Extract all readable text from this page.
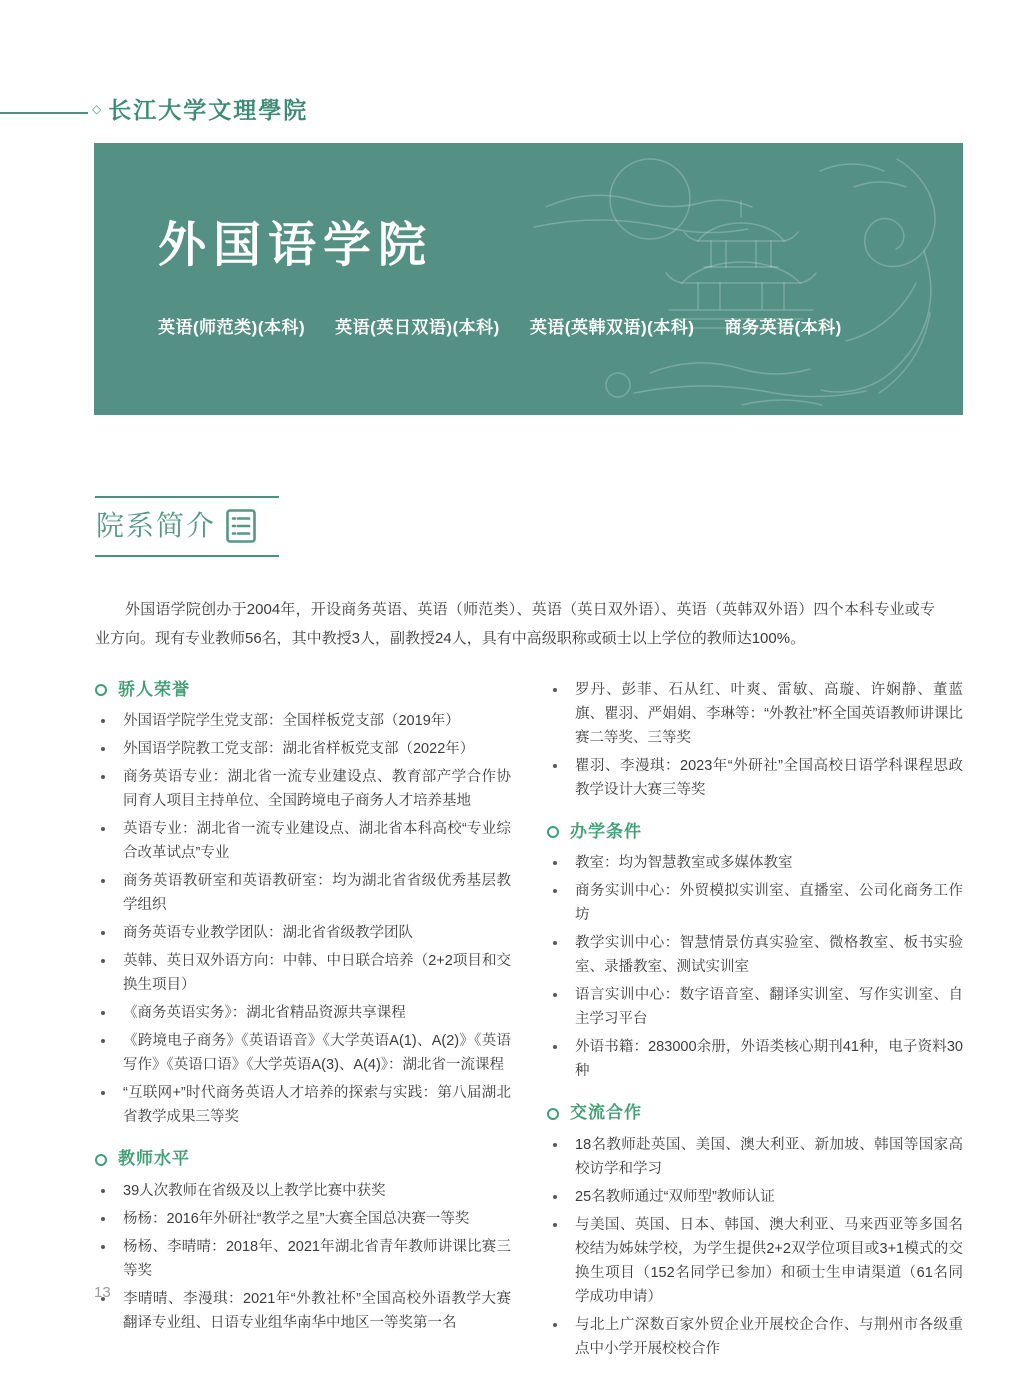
◇ 长江大学文理學院
外国语学院
英语(师范类)(本科) 英语(英日双语)(本科) 英语(英韩双语)(本科) 商务英语(本科)
院系简介

外国语学院创办于2004年，开设商务英语、英语（师范类）、英语（英日双外语）、英语（英韩双外语）四个本科专业或专业方向。现有专业教师56名，其中教授3人，副教授24人，具有中高级职称或硕士以上学位的教师达100%。

骄人荣誉
外国语学院学生党支部：全国样板党支部（2019年）
外国语学院教工党支部：湖北省样板党支部（2022年）
商务英语专业：湖北省一流专业建设点、教育部产学合作协同育人项目主持单位、全国跨境电子商务人才培养基地
英语专业：湖北省一流专业建设点、湖北省本科高校“专业综合改革试点”专业
商务英语教研室和英语教研室：均为湖北省省级优秀基层教学组织
商务英语专业教学团队：湖北省省级教学团队
英韩、英日双外语方向：中韩、中日联合培养（2+2项目和交换生项目）
《商务英语实务》：湖北省精品资源共享课程
《跨境电子商务》《英语语音》《大学英语A(1)、A(2)》《英语写作》《英语口语》《大学英语A(3)、A(4)》：湖北省一流课程
“互联网+”时代商务英语人才培养的探索与实践：第八届湖北省教学成果三等奖
教师水平
39人次教师在省级及以上教学比赛中获奖
杨杨：2016年外研社“教学之星”大赛全国总决赛一等奖
杨杨、李晴晴：2018年、2021年湖北省青年教师讲课比赛三等奖
李晴晴、李漫琪：2021年“外教社杯”全国高校外语教学大赛翻译专业组、日语专业组华南华中地区一等奖第一名
罗丹、彭菲、石从红、叶爽、雷敏、高璇、许娴静、董蓝旗、瞿羽、严娟娟、李琳等：“外教社”杯全国英语教师讲课比赛二等奖、三等奖
瞿羽、李漫琪：2023年“外研社”全国高校日语学科课程思政教学设计大赛三等奖
办学条件
教室：均为智慧教室或多媒体教室
商务实训中心：外贸模拟实训室、直播室、公司化商务工作坊
教学实训中心：智慧情景仿真实验室、微格教室、板书实验室、录播教室、测试实训室
语言实训中心：数字语音室、翻译实训室、写作实训室、自主学习平台
外语书籍：283000余册，外语类核心期刊41种，电子资料30种
交流合作
18名教师赴英国、美国、澳大利亚、新加坡、韩国等国家高校访学和学习
25名教师通过“双师型”教师认证
与美国、英国、日本、韩国、澳大利亚、马来西亚等多国名校结为姊妹学校，为学生提供2+2双学位项目或3+1模式的交换生项目（152名同学已参加）和硕士生申请渠道（61名同学成功申请）
与北上广深数百家外贸企业开展校企合作、与荆州市各级重点中小学开展校校合作
13
